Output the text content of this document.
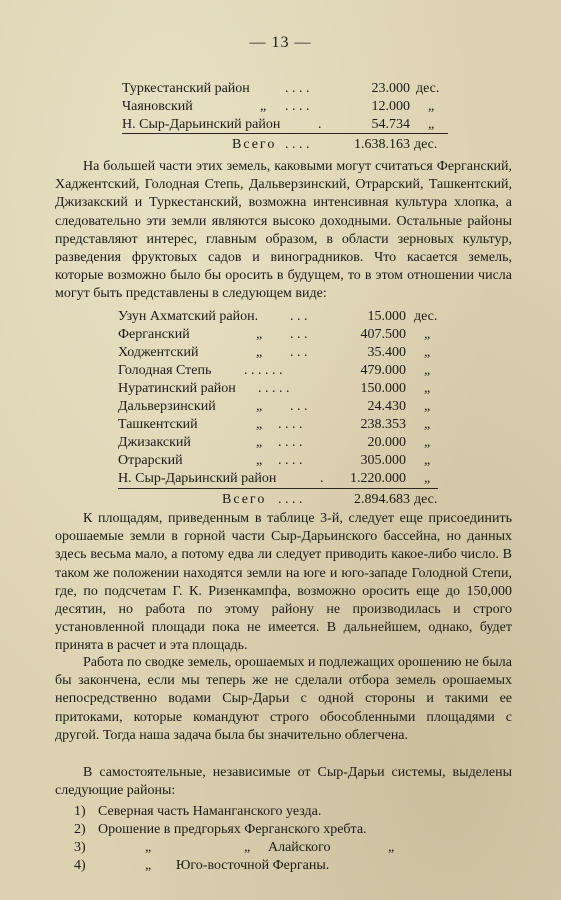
— 13 —
Туркестанский район	. . . .	23.000 дес.
Чаяновский	„ . . . .	12.000 „
Н. Сыр-Дарьинский район	.	54.734 „
Всего . . . .	1.638.163 дес.
На большей части этих земель, каковыми могут считаться Ферганский, Хаджентский, Голодная Степь, Дальверзинский, Отрарский, Ташкентский, Джизакский и Туркестанский, возможна интенсивная культура хлопка, а следовательно эти земли являются высоко доходными. Остальные районы представляют интерес, главным образом, в области зерновых культур, разведения фруктовых садов и виноградников. Что касается земель, которые возможно было бы оросить в будущем, то в этом отношении числа могут быть представлены в следующем виде:
Узун Ахматский район. . . .	15.000 дес.
Ферганский	„ . . .	407.500 „
Ходжентский	„ . . .	35.400 „
Голодная Степь . . . . . .	479.000 „
Нуратинский район . . . . .	150.000 „
Дальверзинский	„ . . .	24.430 „
Ташкентский	„ . . . .	238.353 „
Джизакский	„ . . . .	20.000 „
Отрарский	„ . . . .	305.000 „
Н. Сыр-Дарьинский район	.	1.220.000 „
Всего . . . .	2.894.683 дес.
К площадям, приведенным в таблице 3-й, следует еще присоединить орошаемые земли в горной части Сыр-Дарьинского бассейна, но данных здесь весьма мало, а потому едва ли следует приводить какое-либо число. В таком же положении находятся земли на юге и юго-западе Голодной Степи, где, по подсчетам Г. К. Ризенкампфа, возможно оросить еще до 150,000 десятин, но работа по этому району не производилась и строго установленной площади пока не имеется. В дальнейшем, однако, будет принята в расчет и эта площадь.
Работа по сводке земель, орошаемых и подлежащих орошению не была бы закончена, если мы теперь же не сделали отбора земель орошаемых непосредственно водами Сыр-Дарьи с одной стороны и такими ее притоками, которые командуют строго обособленными площадями с другой. Тогда наша задача была бы значительно облегчена.
В самостоятельные, независимые от Сыр-Дарьи системы, выделены следующие районы:
1) Северная часть Наманганского уезда.
2) Орошение в предгорьях Ферганского хребта.
3)	„	„ Алайского	„
4)	„ Юго-восточной Ферганы.
